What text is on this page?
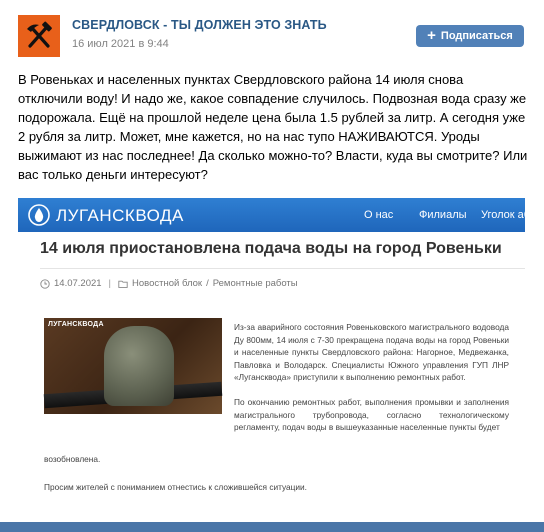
СВЕРДЛОВСК - ТЫ ДОЛЖЕН ЭТО ЗНАТЬ
16 июл 2021 в 9:44
+ Подписаться
В Ровеньках и населенных пунктах Свердловского района 14 июля снова отключили воду! И надо же, какое совпадение случилось. Подвозная вода сразу же подорожала. Ещё на прошлой неделе цена была 1.5 рублей за литр. А сегодня уже 2 рубля за литр. Может, мне кажется, но на нас тупо НАЖИВАЮТСЯ. Уроды выжимают из нас последнее! Да сколько можно-то? Власти, куда вы смотрите? Или вас только деньги интересуют?
ЛУГАНСКВОДА	О нас Филиалы Уголок абон
14 июля приостановлена подача воды на город Ровеньки
14.07.2021 | Новостной блок / Ремонтные работы
ЛУГАНСКВОДА	Из-за аварийного состояния Ровеньковского магистрального водовода Ду 800мм, 14 июля с 7-30 прекращена подача воды на город Ровеньки и населенные пункты Свердловского района: Нагорное, Медвежанка, Павловка и Володарск. Специалисты Южного управления ГУП ЛНР «Лугансквода» приступили к выполнению ремонтных работ.

По окончанию ремонтных работ, выполнения промывки и заполнения магистрального трубопровода, согласно технологическому регламенту, подач воды в вышеуказанные населенные пункты будет

возобновлена.
Просим жителей с пониманием отнестись к сложившейся ситуации.
